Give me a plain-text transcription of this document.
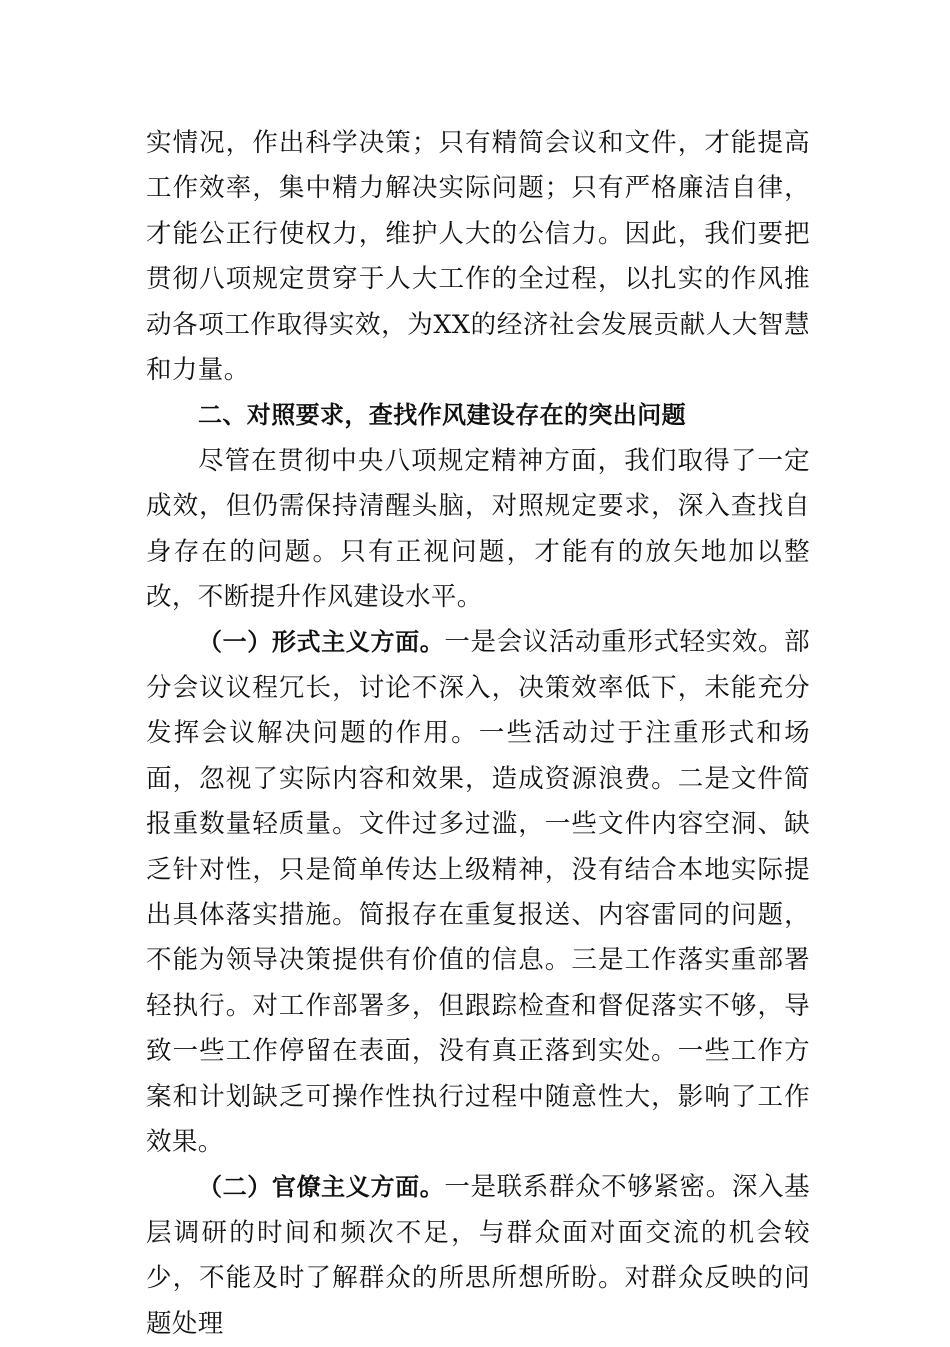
实情况，作出科学决策；只有精简会议和文件，才能提高工作效率，集中精力解决实际问题；只有严格廉洁自律，才能公正行使权力，维护人大的公信力。因此，我们要把贯彻八项规定贯穿于人大工作的全过程，以扎实的作风推动各项工作取得实效，为XX的经济社会发展贡献人大智慧和力量。

二、对照要求，查找作风建设存在的突出问题

尽管在贯彻中央八项规定精神方面，我们取得了一定成效，但仍需保持清醒头脑，对照规定要求，深入查找自身存在的问题。只有正视问题，才能有的放矢地加以整改，不断提升作风建设水平。

（一）形式主义方面。一是会议活动重形式轻实效。部分会议议程冗长，讨论不深入，决策效率低下，未能充分发挥会议解决问题的作用。一些活动过于注重形式和场面，忽视了实际内容和效果，造成资源浪费。二是文件简报重数量轻质量。文件过多过滥，一些文件内容空洞、缺乏针对性，只是简单传达上级精神，没有结合本地实际提出具体落实措施。简报存在重复报送、内容雷同的问题，不能为领导决策提供有价值的信息。三是工作落实重部署轻执行。对工作部署多，但跟踪检查和督促落实不够，导致一些工作停留在表面，没有真正落到实处。一些工作方案和计划缺乏可操作性执行过程中随意性大，影响了工作效果。

（二）官僚主义方面。一是联系群众不够紧密。深入基层调研的时间和频次不足，与群众面对面交流的机会较少，不能及时了解群众的所思所想所盼。对群众反映的问题处理
